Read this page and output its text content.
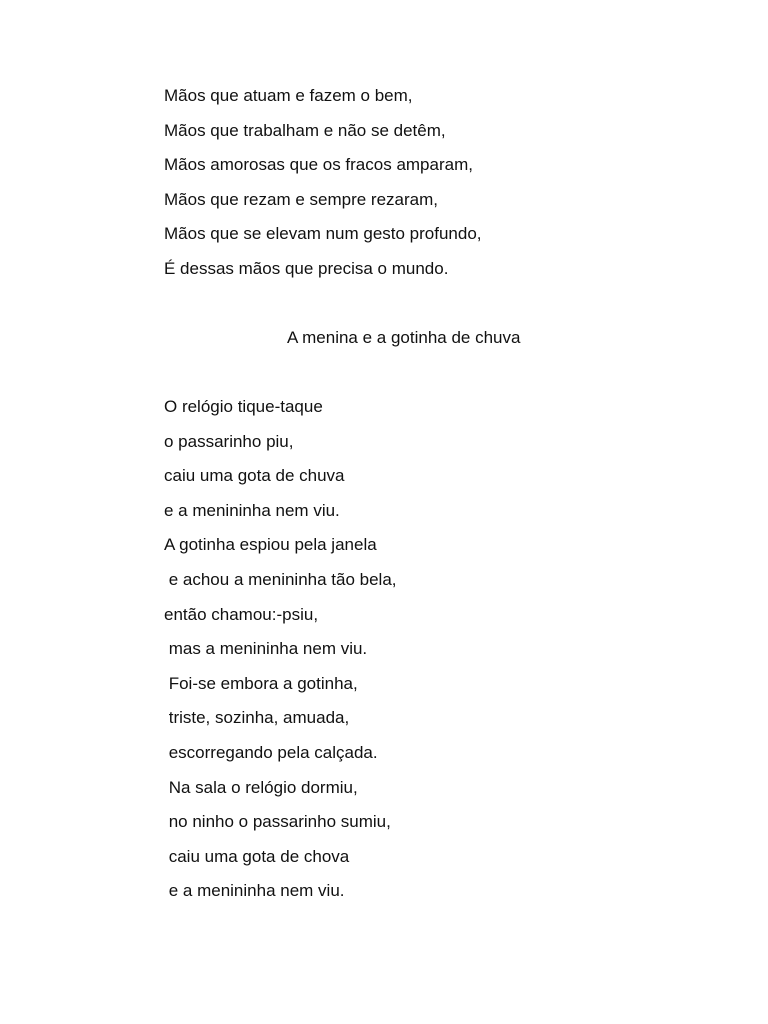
Mãos que atuam e fazem o bem,
Mãos que trabalham e não se detêm,
Mãos amorosas que os fracos amparam,
Mãos que rezam e sempre rezaram,
Mãos que se elevam num gesto profundo,
É dessas mãos que precisa o mundo.
A menina e a gotinha de chuva
O relógio tique-taque
o passarinho piu,
caiu uma gota de chuva
e a menininha nem viu.
A gotinha espiou pela janela
e achou a menininha tão bela,
então chamou:-psiu,
mas a menininha nem viu.
Foi-se embora a gotinha,
triste, sozinha, amuada,
escorregando pela calçada.
Na sala o relógio dormiu,
no ninho o passarinho sumiu,
caiu uma gota de chova
e a menininha nem viu.
